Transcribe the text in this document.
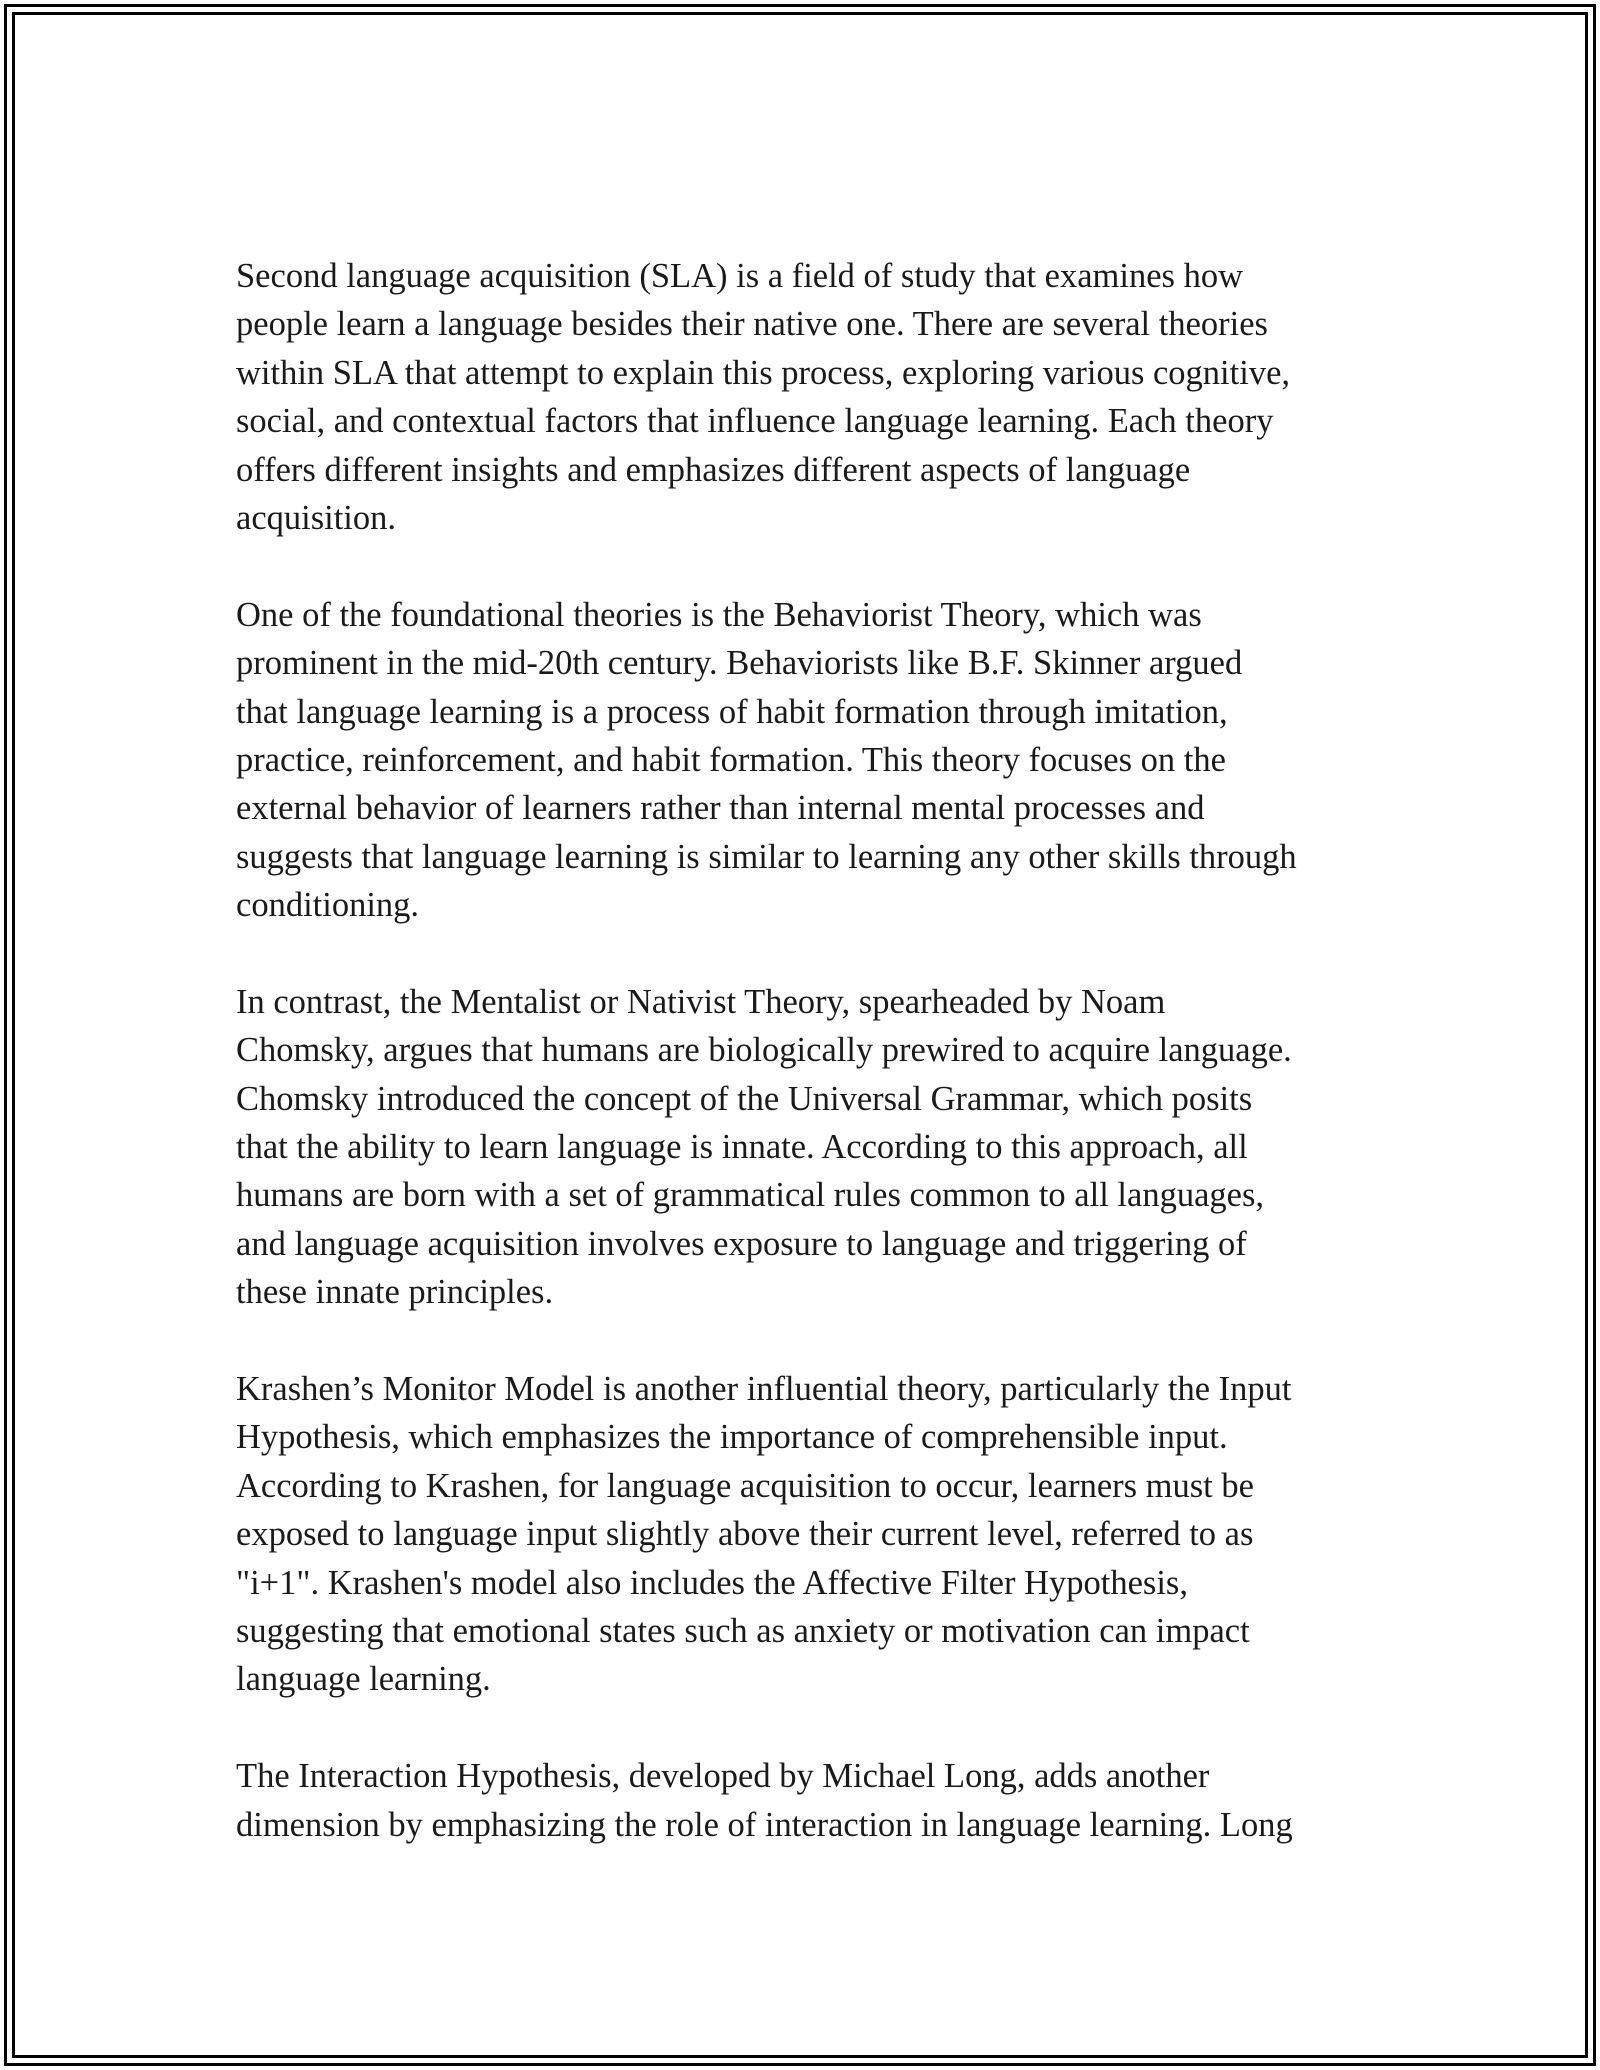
Second language acquisition (SLA) is a field of study that examines how
people learn a language besides their native one. There are several theories
within SLA that attempt to explain this process, exploring various cognitive,
social, and contextual factors that influence language learning. Each theory
offers different insights and emphasizes different aspects of language
acquisition.
One of the foundational theories is the Behaviorist Theory, which was
prominent in the mid-20th century. Behaviorists like B.F. Skinner argued
that language learning is a process of habit formation through imitation,
practice, reinforcement, and habit formation. This theory focuses on the
external behavior of learners rather than internal mental processes and
suggests that language learning is similar to learning any other skills through
conditioning.
In contrast, the Mentalist or Nativist Theory, spearheaded by Noam
Chomsky, argues that humans are biologically prewired to acquire language.
Chomsky introduced the concept of the Universal Grammar, which posits
that the ability to learn language is innate. According to this approach, all
humans are born with a set of grammatical rules common to all languages,
and language acquisition involves exposure to language and triggering of
these innate principles.
Krashen’s Monitor Model is another influential theory, particularly the Input
Hypothesis, which emphasizes the importance of comprehensible input.
According to Krashen, for language acquisition to occur, learners must be
exposed to language input slightly above their current level, referred to as
"i+1". Krashen's model also includes the Affective Filter Hypothesis,
suggesting that emotional states such as anxiety or motivation can impact
language learning.
The Interaction Hypothesis, developed by Michael Long, adds another
dimension by emphasizing the role of interaction in language learning. Long
